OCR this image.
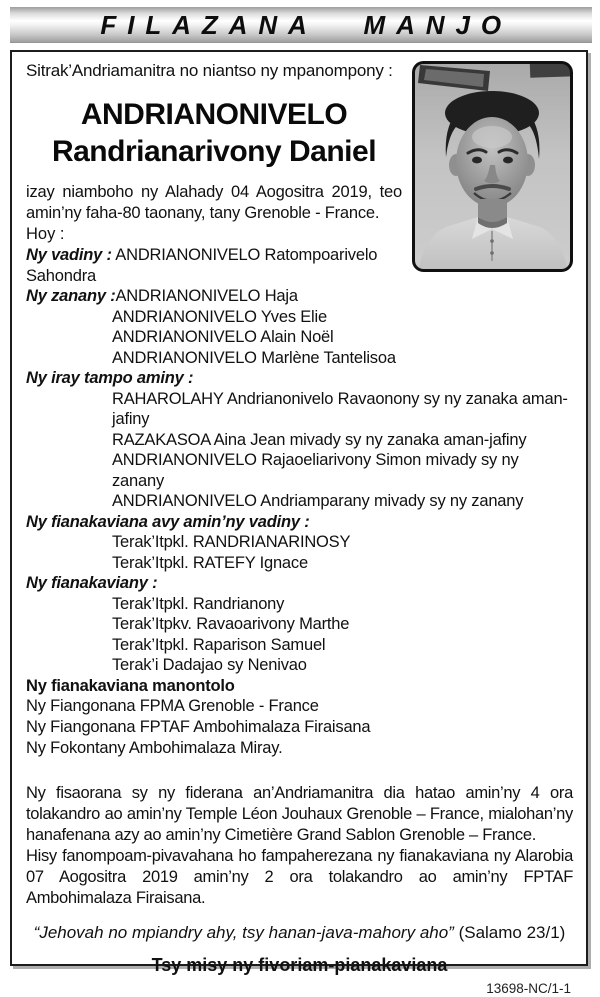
FILAZANA MANJO

Sitrak’Andriamanitra no niantso ny mpanompony :

ANDRIANONIVELO
Randrianarivony Daniel

izay niamboho ny Alahady 04 Aogositra 2019, teo amin’ny faha-80 taonany, tany Grenoble - France.

Hoy :

Ny vadiny : ANDRIANONIVELO Ratompoarivelo Sahondra
Ny zanany :ANDRIANONIVELO Haja
ANDRIANONIVELO Yves Elie
ANDRIANONIVELO Alain Noël
ANDRIANONIVELO Marlène Tantelisoa
Ny iray tampo aminy :
RAHAROLAHY Andrianonivelo Ravaonony sy ny zanaka aman-jafiny
RAZAKASOA Aina Jean mivady sy ny zanaka aman-jafiny
ANDRIANONIVELO Rajaoeliarivony Simon mivady sy ny zanany
ANDRIANONIVELO Andriamparany mivady sy ny zanany
Ny fianakaviana avy amin’ny vadiny :
Terak’Itpkl. RANDRIANARINOSY
Terak’Itpkl. RATEFY Ignace
Ny fianakaviany :
Terak’Itpkl. Randrianony
Terak’Itpkv. Ravaoarivony Marthe
Terak’Itpkl. Raparison Samuel
Terak’i Dadajao sy Nenivao

Ny fianakaviana manontolo

Ny Fiangonana FPMA Grenoble - France

Ny Fiangonana FPTAF Ambohimalaza Firaisana

Ny Fokontany Ambohimalaza Miray.

Ny fisaorana sy ny fiderana an’Andriamanitra dia hatao amin’ny 4 ora tolakandro ao amin’ny Temple Léon Jouhaux Grenoble – France, mialohan’ny hanafenana azy ao amin’ny Cimetière Grand Sablon Grenoble – France.

Hisy fanompoam-pivavahana ho fampaherezana ny fianakaviana ny Alarobia 07 Aogositra 2019 amin’ny 2 ora tolakandro ao amin’ny FPTAF Ambohimalaza Firaisana.

“Jehovah no mpiandry ahy, tsy hanan-java-mahory aho” (Salamo 23/1)

Tsy misy ny fivoriam-pianakaviana

13698-NC/1-1
